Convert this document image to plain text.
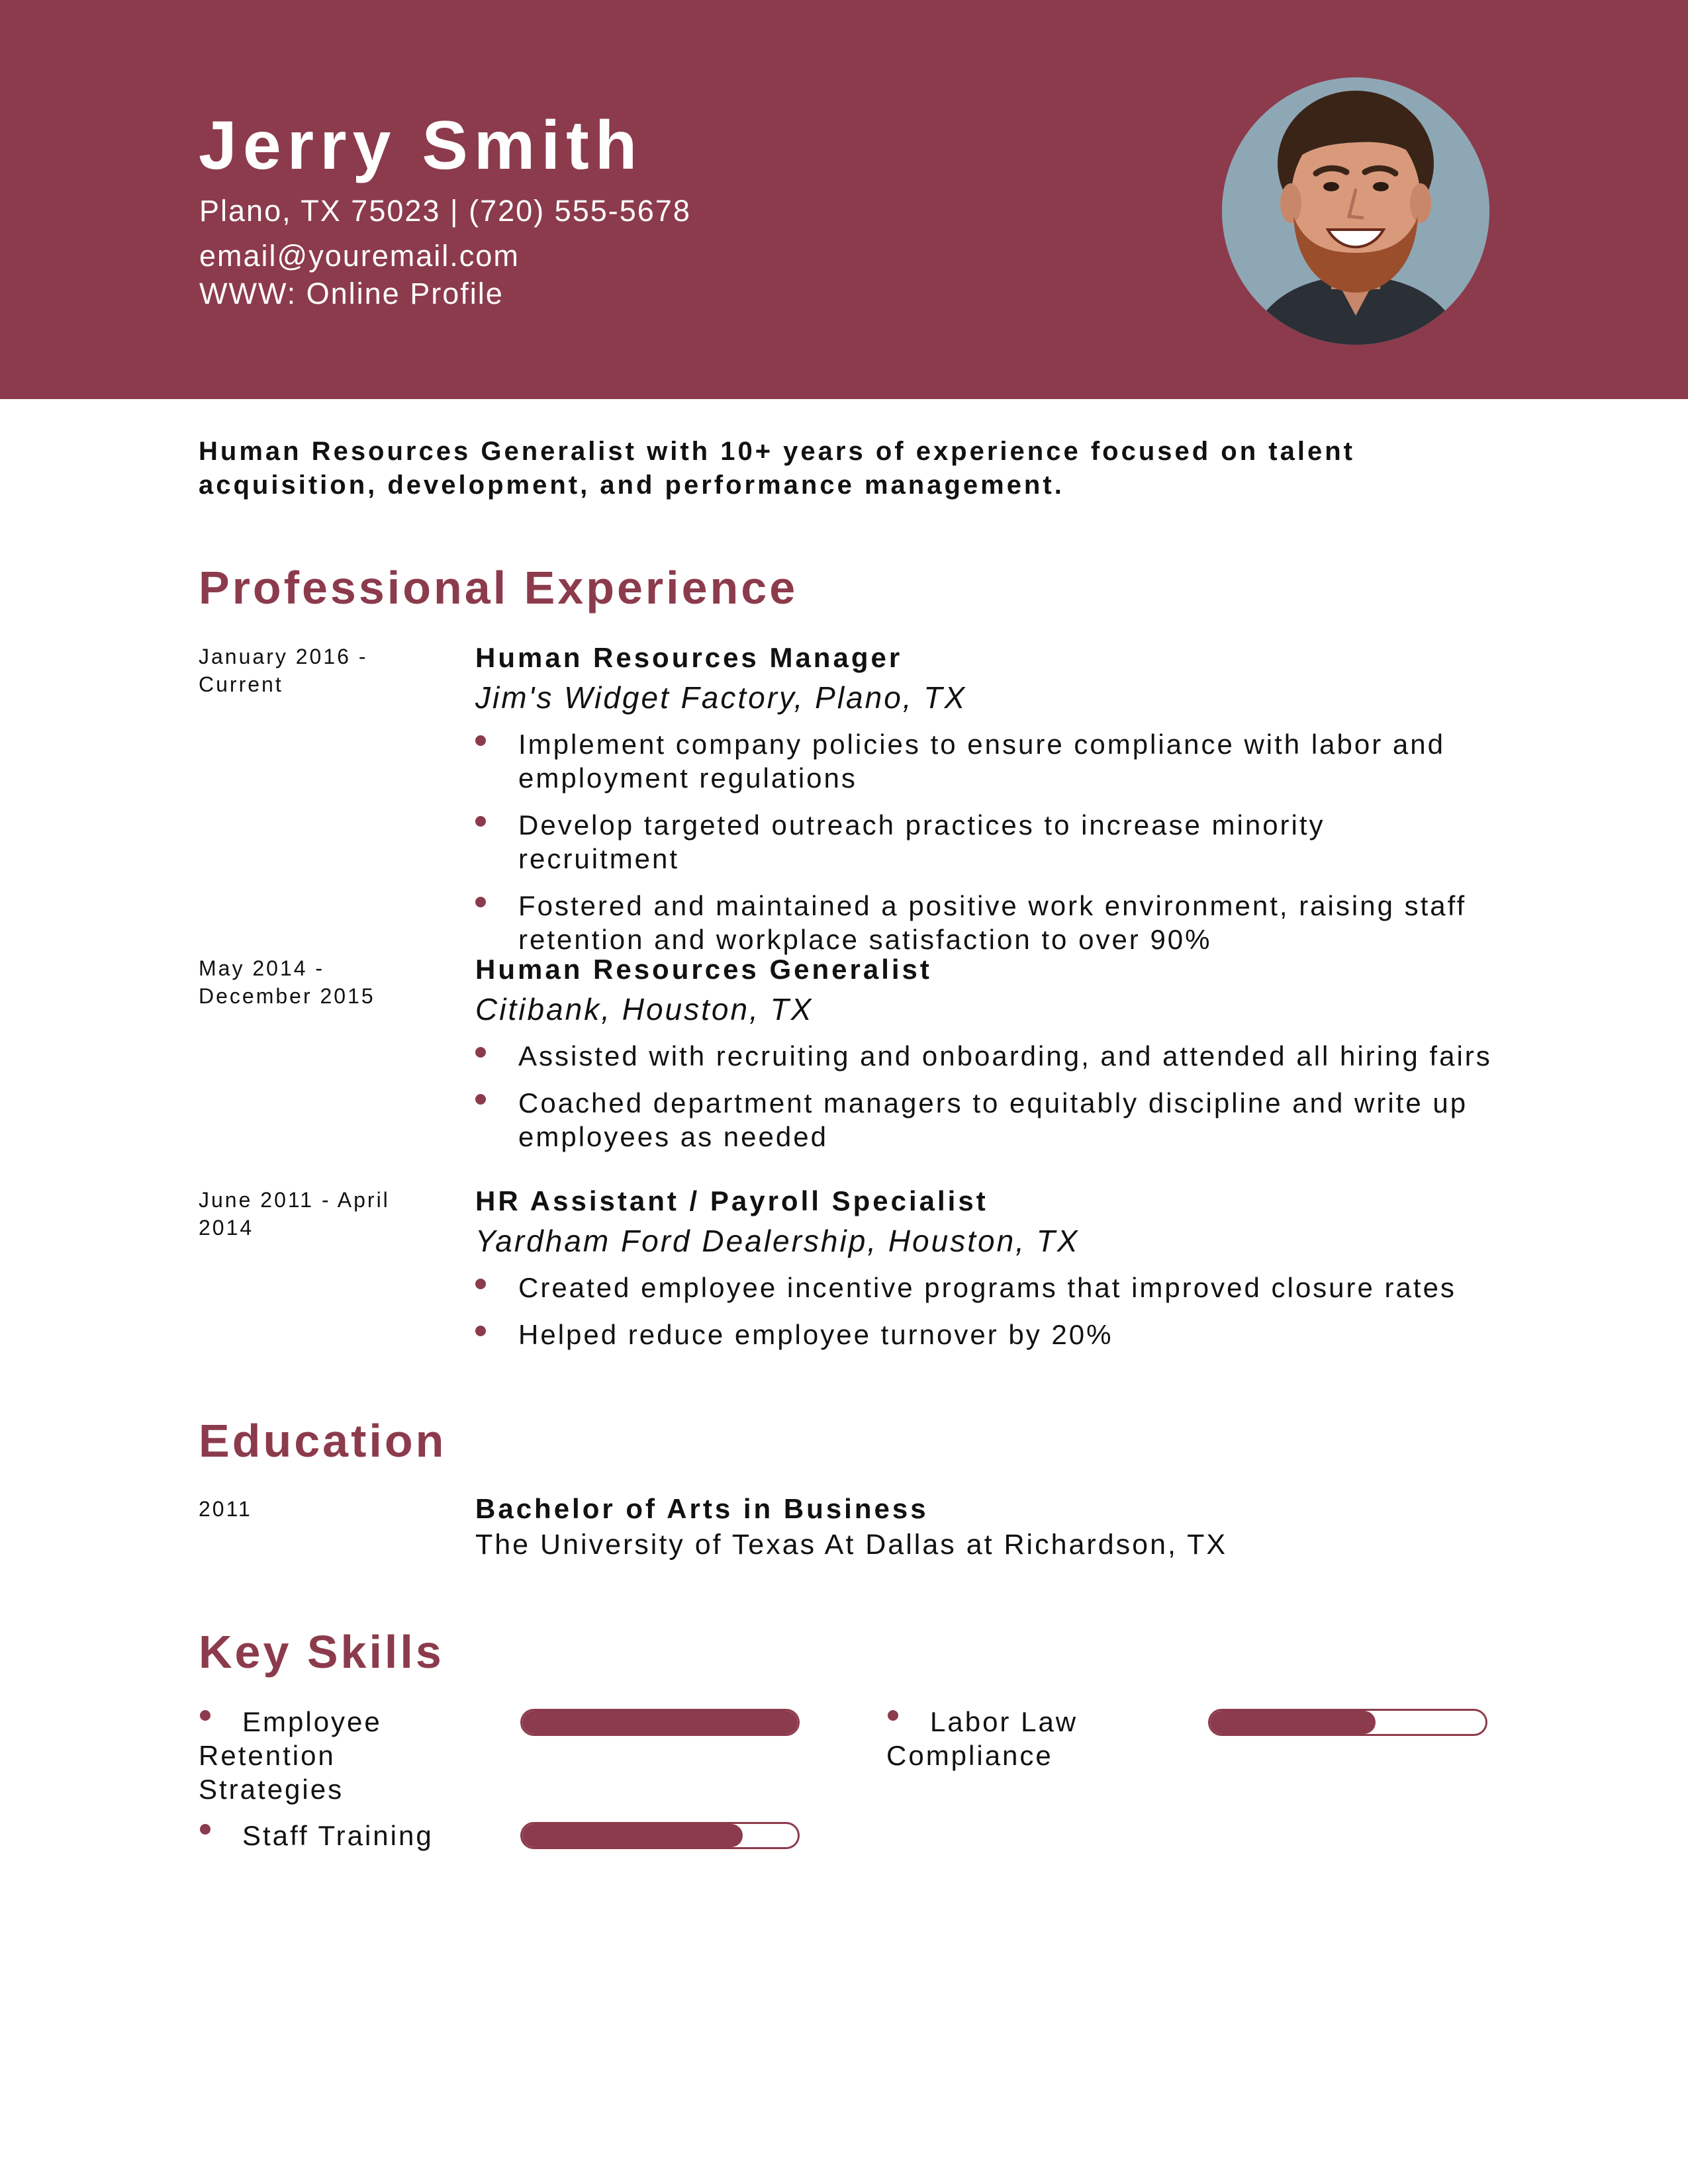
Jerry Smith
Plano, TX 75023 | (720) 555-5678
email@youremail.com
WWW: Online Profile

Human Resources Generalist with 10+ years of experience focused on talent acquisition, development, and performance management.

Professional Experience
January 2016 - Current
Human Resources Manager
Jim's Widget Factory, Plano, TX
Implement company policies to ensure compliance with labor and employment regulations
Develop targeted outreach practices to increase minority recruitment
Fostered and maintained a positive work environment, raising staff retention and workplace satisfaction to over 90%
May 2014 - December 2015
Human Resources Generalist
Citibank, Houston, TX
Assisted with recruiting and onboarding, and attended all hiring fairs
Coached department managers to equitably discipline and write up employees as needed
June 2011 - April 2014
HR Assistant / Payroll Specialist
Yardham Ford Dealership, Houston, TX
Created employee incentive programs that improved closure rates
Helped reduce employee turnover by 20%
Education
2011	Bachelor of Arts in Business
The University of Texas At Dallas at Richardson, TX
Key Skills
Employee Retention Strategies
Labor Law Compliance
Staff Training
